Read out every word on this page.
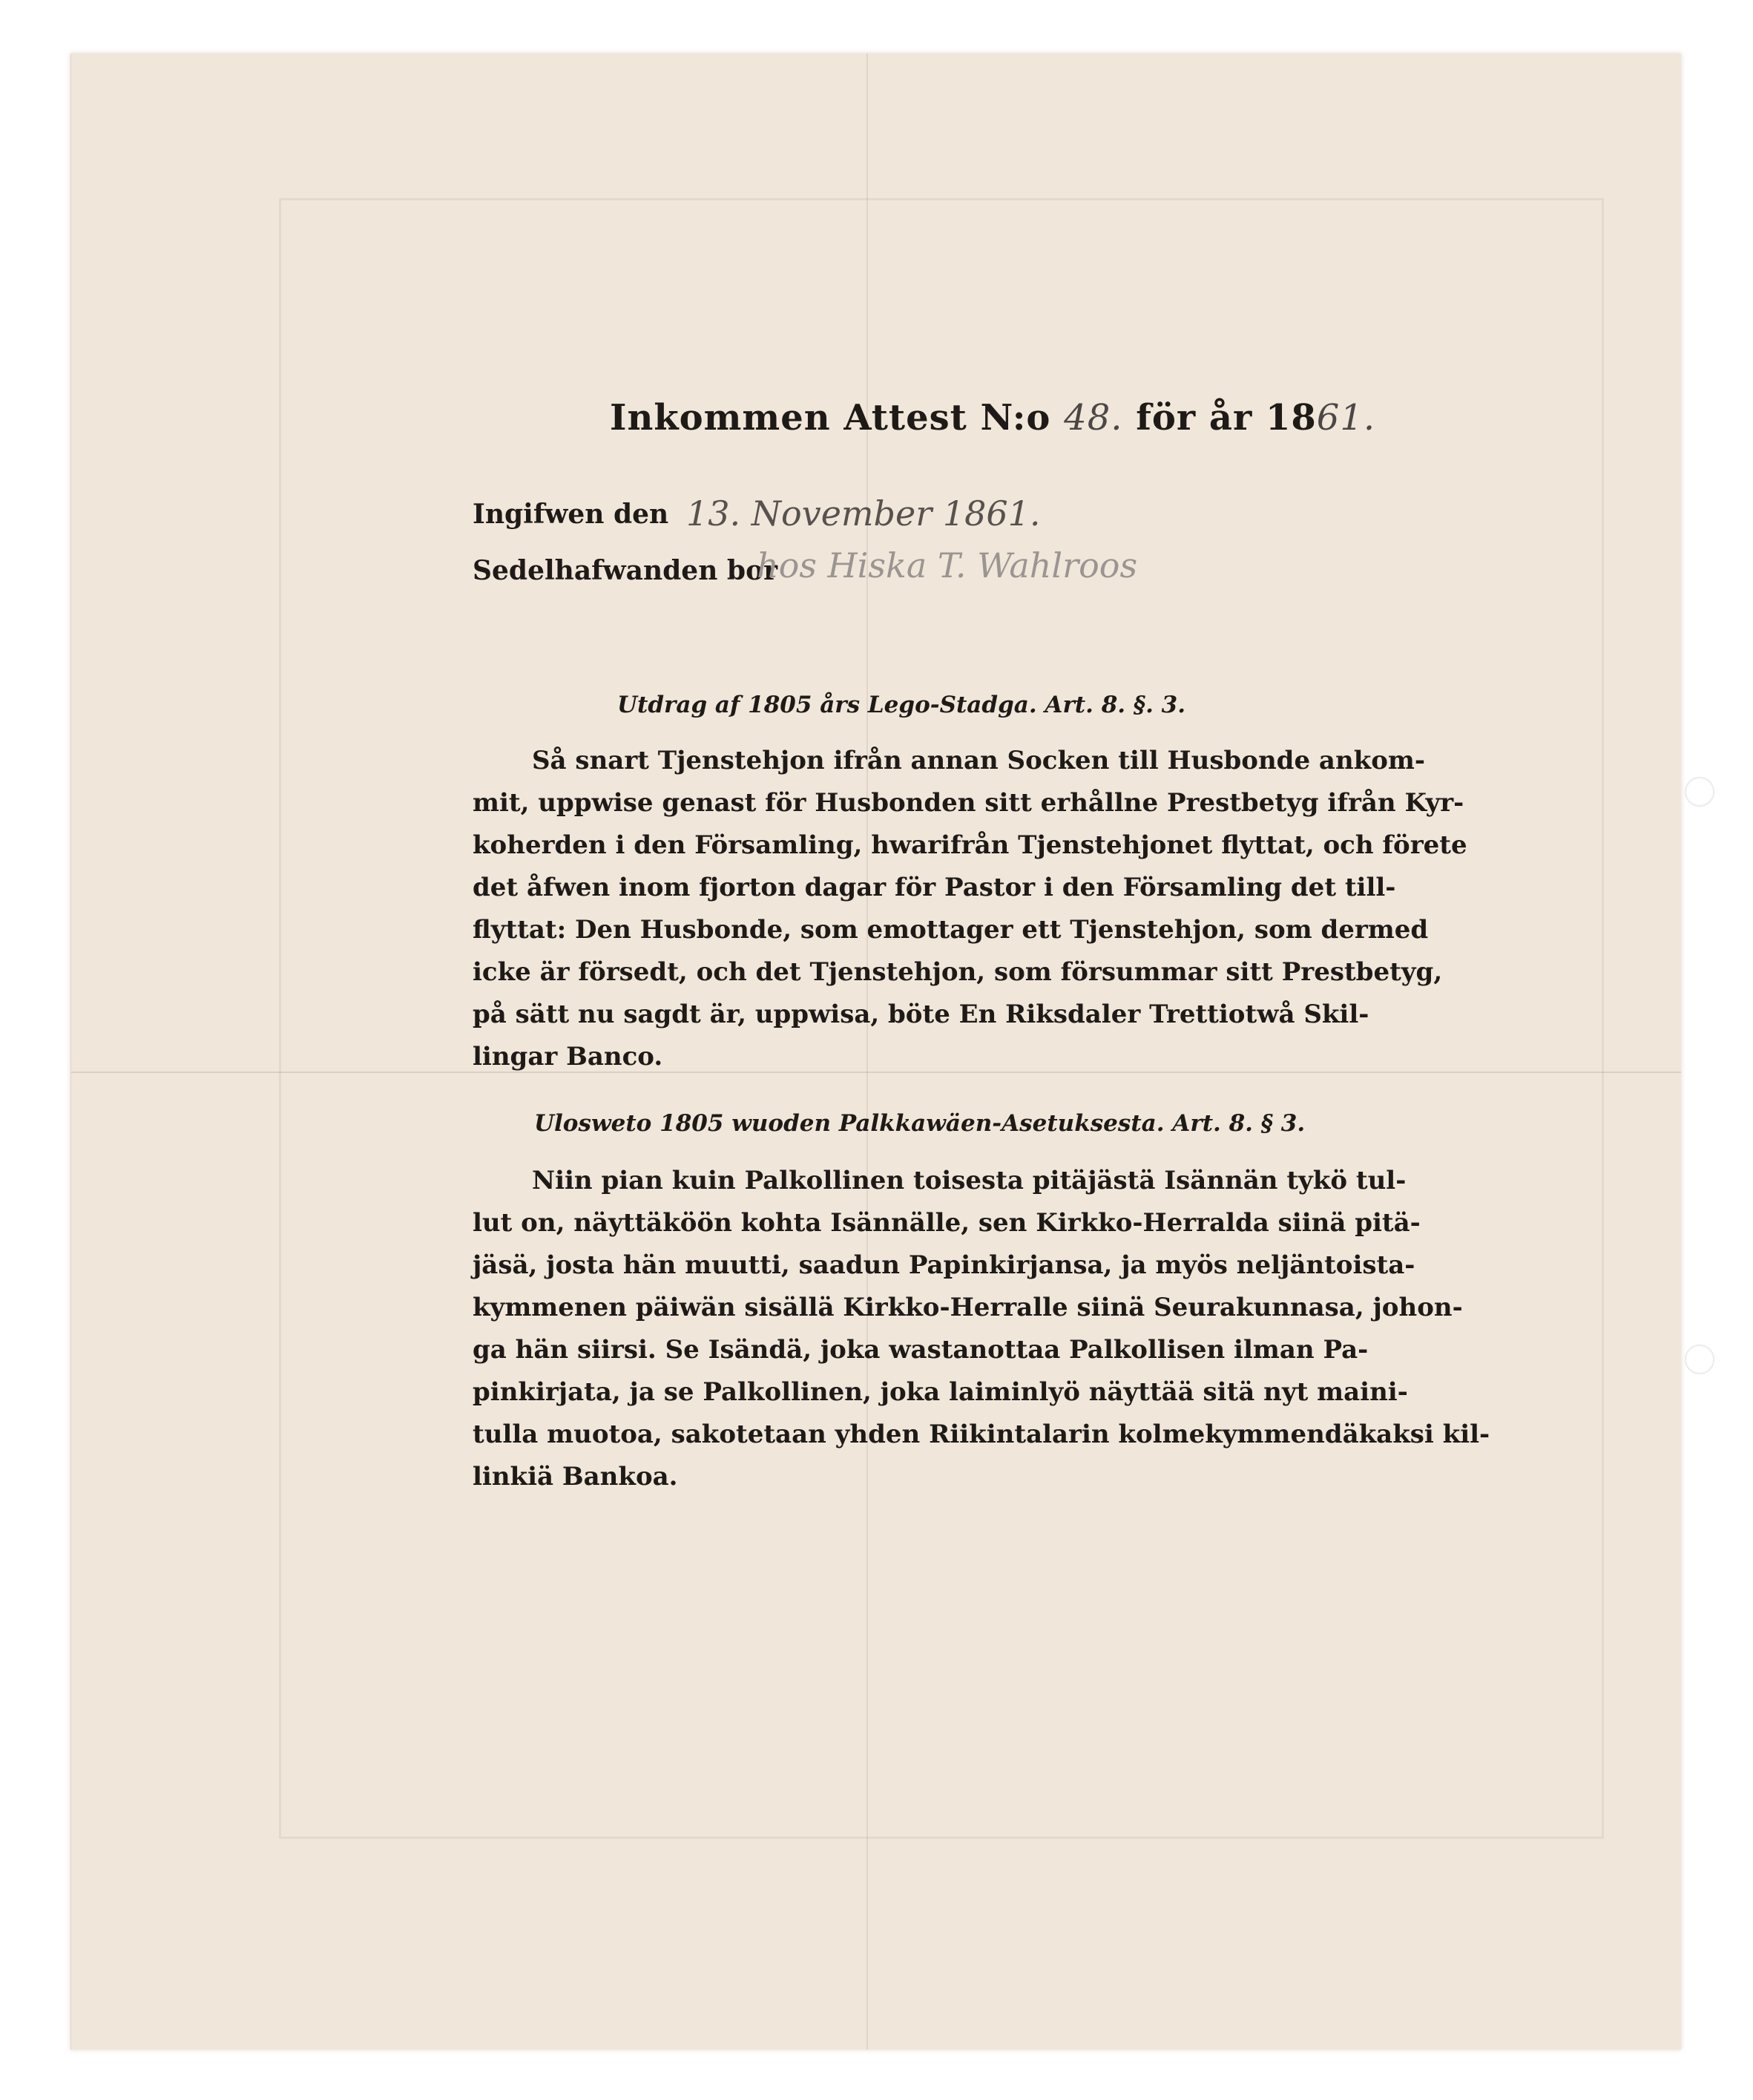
Inkommen Attest N:o 48. för år 1861.
Ingifwen den 13. November 1861.
Sedelhafwanden bor
hos Hiska T. Wahlroos
Utdrag af 1805 års Lego-Stadga. Art. 8. §. 3.
Så snart Tjenstehjon ifrån annan Socken till Husbonde ankom-
mit, uppwise genast för Husbonden sitt erhållne Prestbetyg ifrån Kyr-
koherden i den Församling, hwarifrån Tjenstehjonet flyttat, och förete
det åfwen inom fjorton dagar för Pastor i den Församling det till-
flyttat: Den Husbonde, som emottager ett Tjenstehjon, som dermed
icke är försedt, och det Tjenstehjon, som försummar sitt Prestbetyg,
på sätt nu sagdt är, uppwisa, böte En Riksdaler Trettiotwå Skil-
lingar Banco.
Ulosweto 1805 wuoden Palkkawäen-Asetuksesta. Art. 8. § 3.
Niin pian kuin Palkollinen toisesta pitäjästä Isännän tykö tul-
lut on, näyttäköön kohta Isännälle, sen Kirkko-Herralda siinä pitä-
jäsä, josta hän muutti, saadun Papinkirjansa, ja myös neljäntoista-
kymmenen päiwän sisällä Kirkko-Herralle siinä Seurakunnasa, johon-
ga hän siirsi. Se Isändä, joka wastanottaa Palkollisen ilman Pa-
pinkirjata, ja se Palkollinen, joka laiminlyö näyttää sitä nyt maini-
tulla muotoa, sakotetaan yhden Riikintalarin kolmekymmendäkaksi kil-
linkiä Bankoa.
